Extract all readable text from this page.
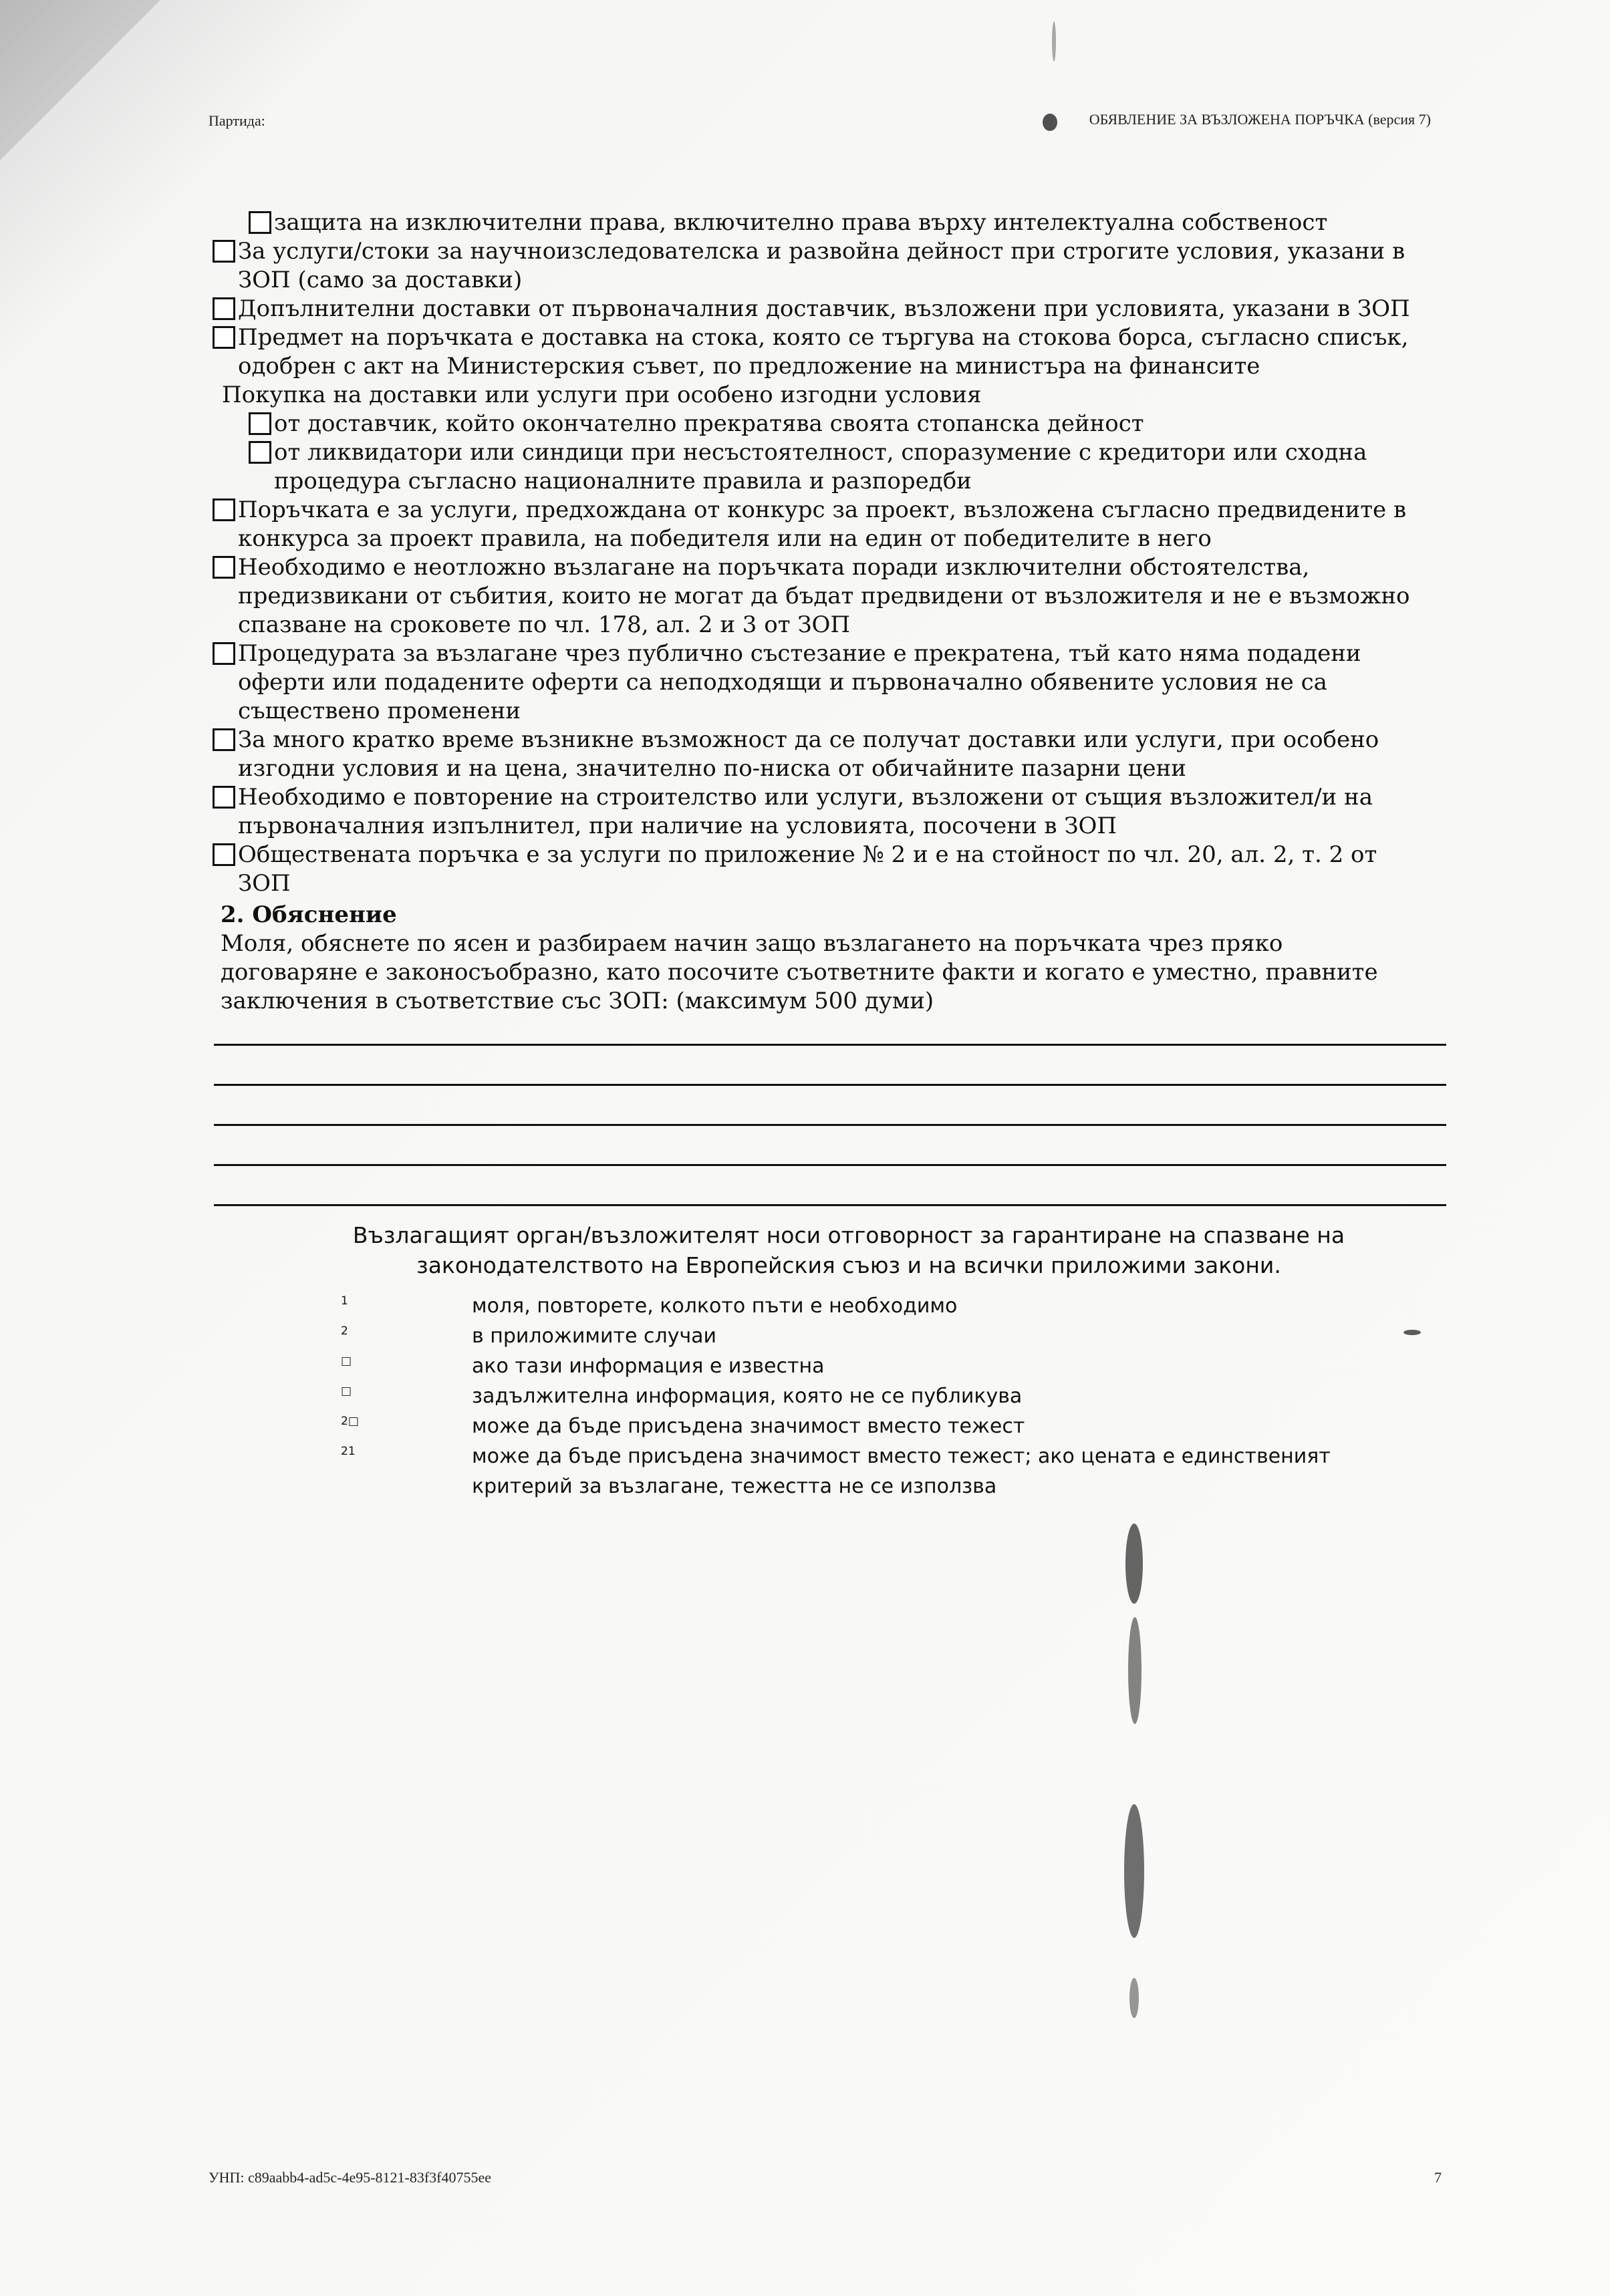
Партида:	ОБЯВЛЕНИЕ ЗА ВЪЗЛОЖЕНА ПОРЪЧКА (версия 7)
защита на изключителни права, включително права върху интелектуална собственост
За услуги/стоки за научноизследователска и развойна дейност при строгите условия, указани в ЗОП (само за доставки)
Допълнителни доставки от първоначалния доставчик, възложени при условията, указани в ЗОП
Предмет на поръчката е доставка на стока, която се търгува на стокова борса, съгласно списък, одобрен с акт на Министерския съвет, по предложение на министъра на финансите
Покупка на доставки или услуги при особено изгодни условия
от доставчик, който окончателно прекратява своята стопанска дейност
от ликвидатори или синдици при несъстоятелност, споразумение с кредитори или сходна процедура съгласно националните правила и разпоредби
Поръчката е за услуги, предхождана от конкурс за проект, възложена съгласно предвидените в конкурса за проект правила, на победителя или на един от победителите в него
Необходимо е неотложно възлагане на поръчката поради изключителни обстоятелства, предизвикани от събития, които не могат да бъдат предвидени от възложителя и не е възможно спазване на сроковете по чл. 178, ал. 2 и 3 от ЗОП
Процедурата за възлагане чрез публично състезание е прекратена, тъй като няма подадени оферти или подадените оферти са неподходящи и първоначално обявените условия не са съществено променени
За много кратко време възникне възможност да се получат доставки или услуги, при особено изгодни условия и на цена, значително по-ниска от обичайните пазарни цени
Необходимо е повторение на строителство или услуги, възложени от същия възложител/и на първоначалния изпълнител, при наличие на условията, посочени в ЗОП
Обществената поръчка е за услуги по приложение № 2 и е на стойност по чл. 20, ал. 2, т. 2 от ЗОП
2. Обяснение
Моля, обяснете по ясен и разбираем начин защо възлагането на поръчката чрез пряко договаряне е законосъобразно, като посочите съответните факти и когато е уместно, правните заключения в съответствие със ЗОП: (максимум 500 думи)
Възлагащият орган/възложителят носи отговорност за гарантиране на спазване на законодателството на Европейския съюз и на всички приложими закони.
1	моля, повторете, колкото пъти е необходимо
2	в приложимите случаи
□	ако тази информация е известна
□	задължителна информация, която не се публикува
2□	може да бъде присъдена значимост вместо тежест
21	може да бъде присъдена значимост вместо тежест; ако цената е единственият критерий за възлагане, тежестта не се използва
УНП: c89aabb4-ad5c-4e95-8121-83f3f40755ee	7
